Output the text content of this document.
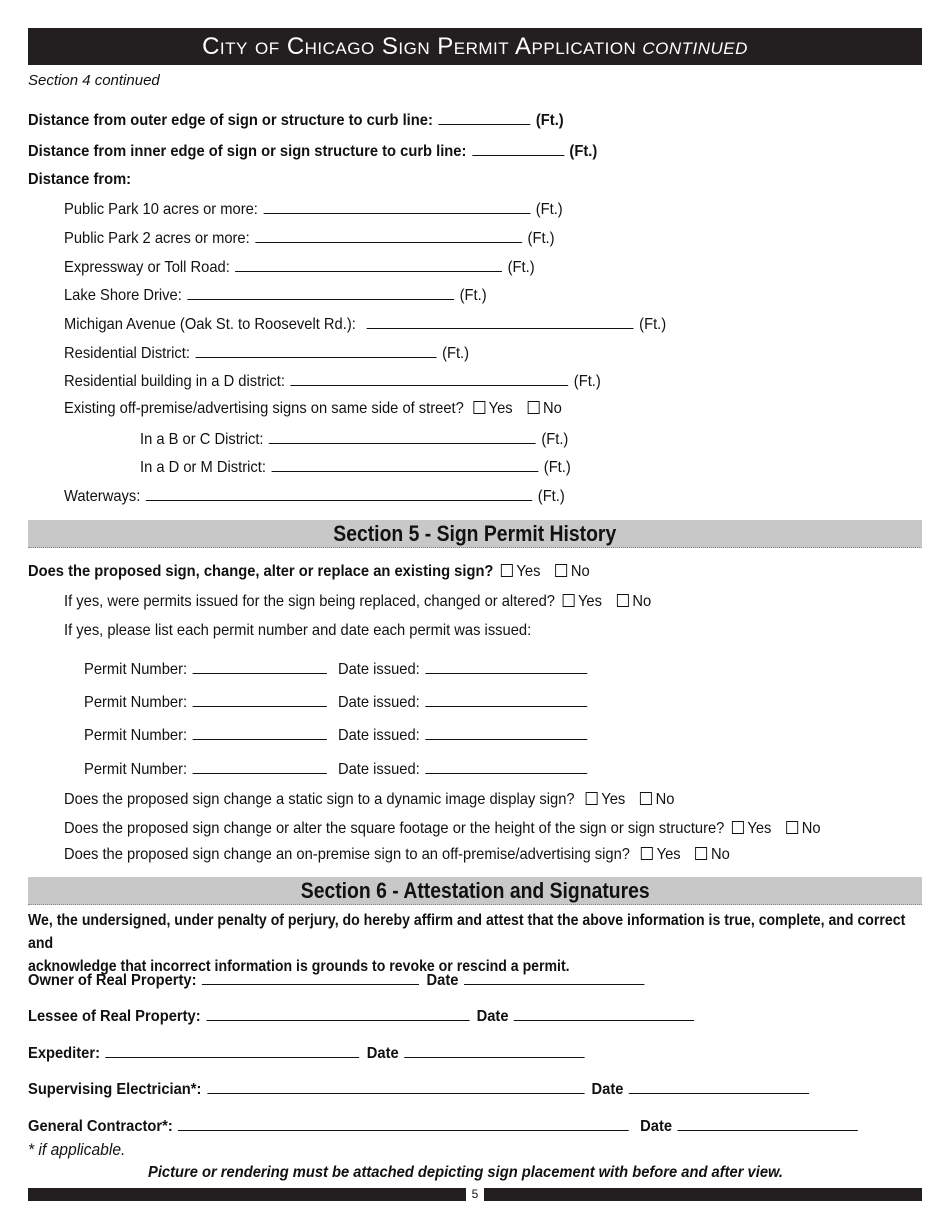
City of Chicago Sign Permit Application continued
Section 4 continued
Distance from outer edge of sign or structure to curb line:	(Ft.)
Distance from inner edge of sign or sign structure to curb line:	(Ft.)
Distance from:
Public Park 10 acres or more:	(Ft.)
Public Park 2 acres or more:	(Ft.)
Expressway or Toll Road:	(Ft.)
Lake Shore Drive:	(Ft.)
Michigan Avenue (Oak St. to Roosevelt Rd.):	(Ft.)
Residential District:	(Ft.)
Residential building in a D district:	(Ft.)
Existing off-premise/advertising signs on same side of street? Yes No
In a B or C District:	(Ft.)
In a D or M District:	(Ft.)
Waterways:	(Ft.)
Section 5 - Sign Permit History
Does the proposed sign, change, alter or replace an existing sign? Yes No
If yes, were permits issued for the sign being replaced, changed or altered? Yes No
If yes, please list each permit number and date each permit was issued:
Permit Number:	Date issued:
Permit Number:	Date issued:
Permit Number:	Date issued:
Permit Number:	Date issued:
Does the proposed sign change a static sign to a dynamic image display sign? Yes No
Does the proposed sign change or alter the square footage or the height of the sign or sign structure? Yes No
Does the proposed sign change an on-premise sign to an off-premise/advertising sign? Yes No
Section 6 - Attestation and Signatures
We, the undersigned, under penalty of perjury, do hereby affirm and attest that the above information is true, complete, and correct and
acknowledge that incorrect information is grounds to revoke or rescind a permit.
Owner of Real Property:	Date
Lessee of Real Property:	Date
Expediter:	Date
Supervising Electrician*:	Date
General Contractor*:	Date
* if applicable.
Picture or rendering must be attached depicting sign placement with before and after view.
5
